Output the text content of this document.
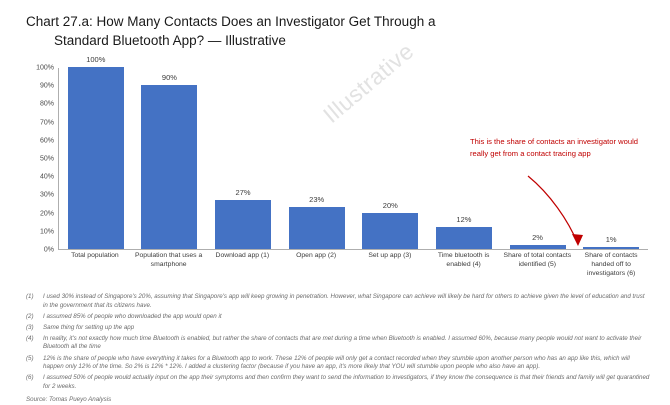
Chart 27.a: How Many Contacts Does an Investigator Get Through a
Standard Bluetooth App? — Illustrative
100%
90%
80%
70%
60%
50%
40%
30%
20%
10%
0%
100%
90%
27%
23%
20%
12%
2%	1%
Total population	Population that uses a smartphone
Download app (1)	Open app (2)	Set up app (3)	Time bluetooth is enabled (4)
Share of total contacts identified (5)
Share of contacts handed off to investigators (6)
Illustrative
This is the share of contacts an investigator would really get from a contact tracing app
(1)	I used 30% instead of Singapore's 20%, assuming that Singapore's app will keep growing in penetration. However, what Singapore can achieve will likely be hard for others to achieve given the level of education and trust in the government that its citizens have.
(2)	I assumed 85% of people who downloaded the app would open it
(3)	Same thing for setting up the app
(4)	In reality, it's not exactly how much time Bluetooth is enabled, but rather the share of contacts that are met during a time when Bluetooth is enabled. I assumed 60%, because many people would not want to activate their Bluetooth all the time
(5)	12% is the share of people who have everything it takes for a Bluetooth app to work. These 12% of people will only get a contact recorded when they stumble upon another person who has an app like this, which will happen only 12% of the time. So 2% is 12% * 12%. I added a clustering factor (because if you have an app, it's more likely that YOU will stumble upon people who also have an app).
(6)	I assumed 50% of people would actually input on the app their symptoms and then confirm they want to send the information to investigators, if they know the consequence is that their friends and family will get quarantined for 2 weeks.
Source: Tomas Pueyo Analysis
